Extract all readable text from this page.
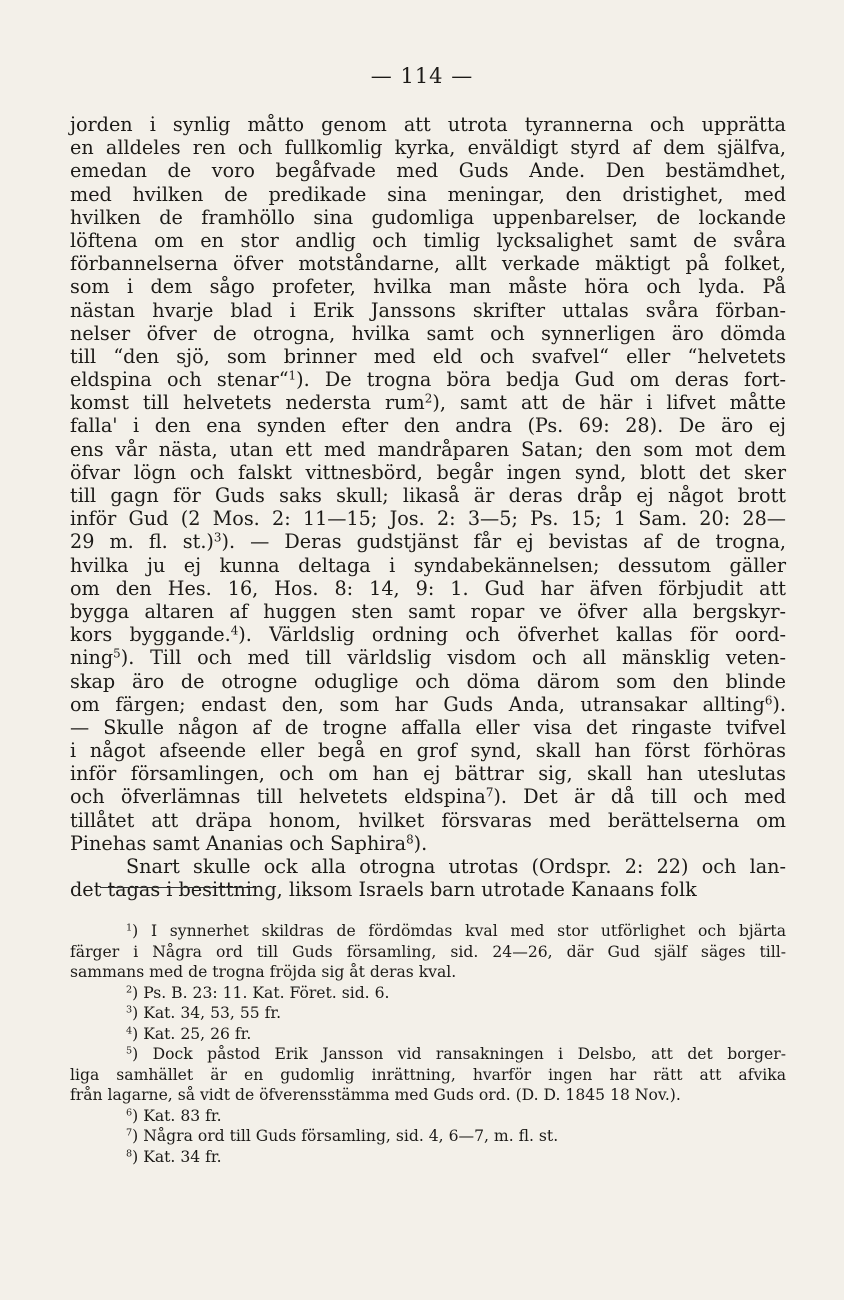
— 114 —
jorden i synlig måtto genom att utrota tyrannerna och upprätta
en alldeles ren och fullkomlig kyrka, enväldigt styrd af dem själfva,
emedan de voro begåfvade med Guds Ande. Den bestämdhet,
med hvilken de predikade sina meningar, den dristighet, med
hvilken de framhöllo sina gudomliga uppenbarelser, de lockande
löftena om en stor andlig och timlig lycksalighet samt de svåra
förbannelserna öfver motståndarne, allt verkade mäktigt på folket,
som i dem sågo profeter, hvilka man måste höra och lyda. På
nästan hvarje blad i Erik Janssons skrifter uttalas svåra förban-
nelser öfver de otrogna, hvilka samt och synnerligen äro dömda
till “den sjö, som brinner med eld och svafvel“ eller “helvetets
eldspina och stenar“$^1$). De trogna böra bedja Gud om deras fort-
komst till helvetets nedersta rum$^2$), samt att de här i lifvet måtte
falla' i den ena synden efter den andra (Ps. 69: 28). De äro ej
ens vår nästa, utan ett med mandråparen Satan; den som mot dem
öfvar lögn och falskt vittnesbörd, begår ingen synd, blott det sker
till gagn för Guds saks skull; likaså är deras dråp ej något brott
inför Gud (2 Mos. 2: 11—15; Jos. 2: 3—5; Ps. 15; 1 Sam. 20: 28—
29 m. fl. st.)$^3$). — Deras gudstjänst får ej bevistas af de trogna,
hvilka ju ej kunna deltaga i syndabekännelsen; dessutom gäller
om den Hes. 16, Hos. 8: 14, 9: 1. Gud har äfven förbjudit att
bygga altaren af huggen sten samt ropar ve öfver alla bergskyr-
kors byggande.$^4$). Världslig ordning och öfverhet kallas för oord-
ning$^5$). Till och med till världslig visdom och all mänsklig veten-
skap äro de otrogne oduglige och döma därom som den blinde
om färgen; endast den, som har Guds Anda, utransakar allting$^6$).
— Skulle någon af de trogne affalla eller visa det ringaste tvifvel
i något afseende eller begå en grof synd, skall han först förhöras
inför församlingen, och om han ej bättrar sig, skall han uteslutas
och öfverlämnas till helvetets eldspina$^7$). Det är då till och med
tillåtet att dräpa honom, hvilket försvaras med berättelserna om
Pinehas samt Ananias och Saphira$^8$).
Snart skulle ock alla otrogna utrotas (Ordspr. 2: 22) och lan-
det tagas i besittning, liksom Israels barn utrotade Kanaans folk
$^1$) I synnerhet skildras de fördömdas kval med stor utförlighet och bjärta
färger i Några ord till Guds församling, sid. 24—26, där Gud själf säges till-
sammans med de trogna fröjda sig åt deras kval.
$^2$) Ps. B. 23: 11. Kat. Föret. sid. 6.
$^3$) Kat. 34, 53, 55 fr.
$^4$) Kat. 25, 26 fr.
$^5$) Dock påstod Erik Jansson vid ransakningen i Delsbo, att det borger-
liga samhället är en gudomlig inrättning, hvarför ingen har rätt att afvika
från lagarne, så vidt de öfverensstämma med Guds ord. (D. D. 1845 18 Nov.).
$^6$) Kat. 83 fr.
$^7$) Några ord till Guds församling, sid. 4, 6—7, m. fl. st.
$^8$) Kat. 34 fr.
